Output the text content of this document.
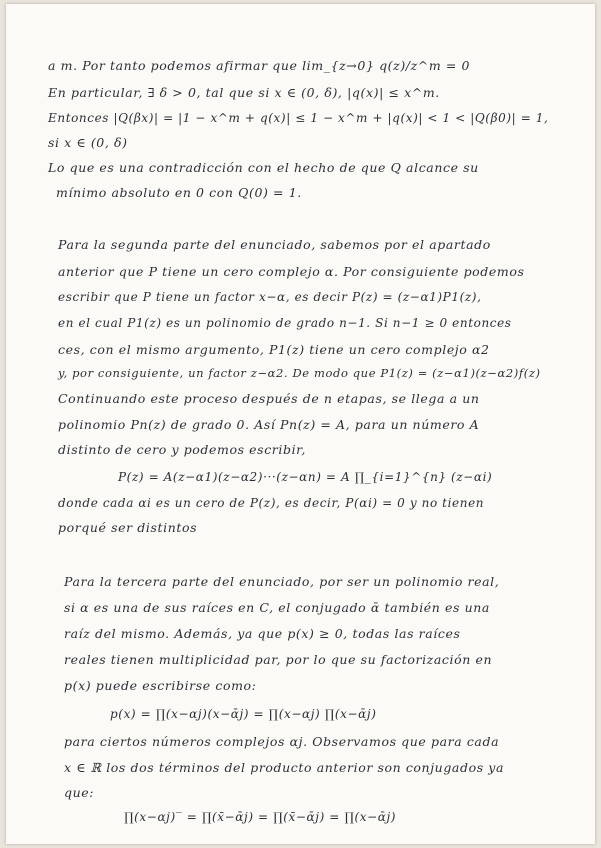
a m. Por tanto podemos afirmar que lim_{z→0} q(z)/z^m = 0
En particular, ∃ δ > 0, tal que si x ∈ (0, δ), |q(x)| ≤ x^m.
Entonces |Q(βx)| = |1 − x^m + q(x)| ≤ 1 − x^m + |q(x)| < 1 < |Q(β0)| = 1,
si x ∈ (0, δ)
Lo que es una contradicción con el hecho de que Q alcance su
mínimo absoluto en 0 con Q(0) = 1.
Para la segunda parte del enunciado, sabemos por el apartado
anterior que P tiene un cero complejo α. Por consiguiente podemos
escribir que P tiene un factor x−α, es decir P(z) = (z−α1)P1(z),
en el cual P1(z) es un polinomio de grado n−1. Si n−1 ≥ 0 entonces
ces, con el mismo argumento, P1(z) tiene un cero complejo α2
y, por consiguiente, un factor z−α2. De modo que P1(z) = (z−α1)(z−α2)f(z)
Continuando este proceso después de n etapas, se llega a un
polinomio Pn(z) de grado 0. Así Pn(z) = A, para un número A
distinto de cero y podemos escribir,
P(z) = A(z−α1)(z−α2)···(z−αn) = A ∏_{i=1}^{n} (z−αi)
donde cada αi es un cero de P(z), es decir, P(αi) = 0 y no tienen
porqué ser distintos
Para la tercera parte del enunciado, por ser un polinomio real,
si α es una de sus raíces en C, el conjugado ᾱ también es una
raíz del mismo. Además, ya que p(x) ≥ 0, todas las raíces
reales tienen multiplicidad par, por lo que su factorización en
p(x) puede escribirse como:
p(x) = ∏(x−αj)(x−ᾱj) = ∏(x−αj) ∏(x−ᾱj)
para ciertos números complejos αj. Observamos que para cada
x ∈ ℝ los dos términos del producto anterior son conjugados ya
que:
∏(x−αj)‾ = ∏(x̄−ᾱj) = ∏(x̄−ᾱj) = ∏(x−ᾱj)
